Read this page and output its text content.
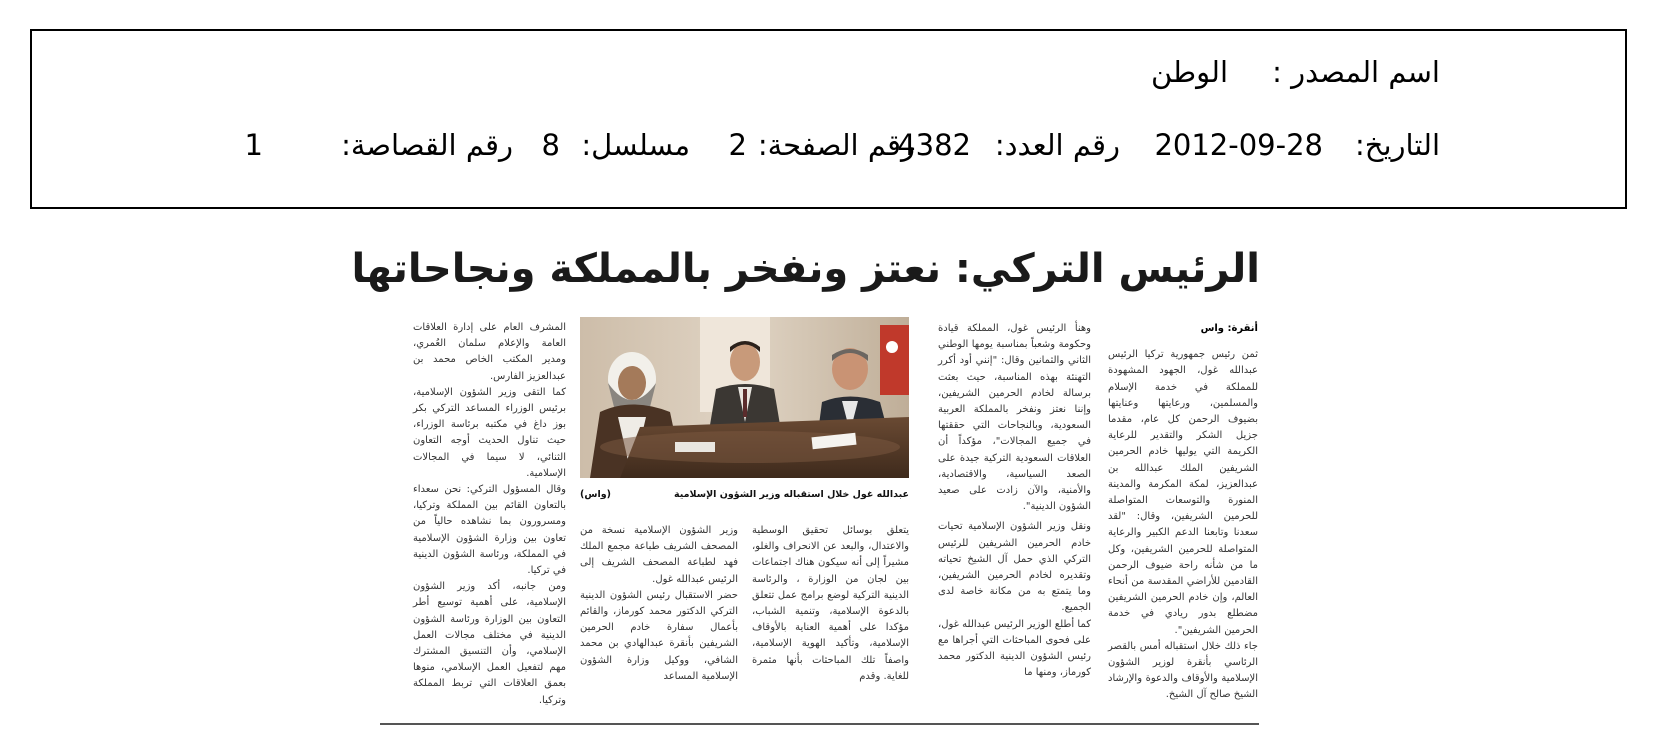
اسم المصدر :
الوطن
التاريخ:
2012-09-28
رقم العدد:
4382
رقم الصفحة:
2
مسلسل:
8
رقم القصاصة:
1
الرئيس التركي: نعتز ونفخر بالمملكة ونجاحاتها

أنقرة: واس

ثمن رئيس جمهورية تركيا الرئيس عبدالله غول، الجهود المشهودة للمملكة في خدمة الإسلام والمسلمين، ورعايتها وعنايتها بضيوف الرحمن كل عام، مقدما جزيل الشكر والتقدير للرعاية الكريمة التي يوليها خادم الحرمين الشريفين الملك عبدالله بن عبدالعزيز، لمكة المكرمة والمدينة المنورة والتوسعات المتواصلة للحرمين الشريفين، وقال: "لقد سعدنا وتابعنا الدعم الكبير والرعاية المتواصلة للحرمين الشريفين، وكل ما من شأنه راحة ضيوف الرحمن القادمين للأراضي المقدسة من أنحاء العالم، وإن خادم الحرمين الشريفين مضطلع بدور ريادي في خدمة الحرمين الشريفين".

جاء ذلك خلال استقباله أمس بالقصر الرئاسي بأنقرة لوزير الشؤون الإسلامية والأوقاف والدعوة والإرشاد الشيخ صالح آل الشيخ.

وهنأ الرئيس غول، المملكة قيادة وحكومة وشعباً بمناسبة يومها الوطني الثاني والثمانين وقال: "إنني أود أكرر التهنئة بهذه المناسبة، حيث بعثت برسالة لخادم الحرمين الشريفين، وإننا نعتز ونفخر بالمملكة العربية السعودية، وبالنجاحات التي حققتها في جميع المجالات"، مؤكداً أن العلاقات السعودية التركية جيدة على الصعد السياسية، والاقتصادية، والأمنية، والآن زادت على صعيد الشؤون الدينية".

ونقل وزير الشؤون الإسلامية تحيات خادم الحرمين الشريفين للرئيس التركي الذي حمل آل الشيخ تحياته وتقديره لخادم الحرمين الشريفين، وما يتمتع به من مكانة خاصة لدى الجميع.

كما أطلع الوزير الرئيس عبدالله غول، على فحوى المباحثات التي أجراها مع رئيس الشؤون الدينية الدكتور محمد كورماز، ومنها ما

(واس)	عبدالله غول خلال استقباله وزير الشؤون الإسلامية

يتعلق بوسائل تحقيق الوسطية والاعتدال، والبعد عن الانحراف والغلو، مشيراً إلى أنه سيكون هناك اجتماعات بين لجان من الوزارة ، والرئاسة الدينية التركية لوضع برامج عمل تتعلق بالدعوة الإسلامية، وتنمية الشباب، مؤكدا على أهمية العناية بالأوقاف الإسلامية، وتأكيد الهوية الإسلامية، واصفاً تلك المباحثات بأنها مثمرة للغاية. وقدم

وزير الشؤون الإسلامية نسخة من المصحف الشريف طباعة مجمع الملك فهد لطباعة المصحف الشريف إلى الرئيس عبدالله غول.

حضر الاستقبال رئيس الشؤون الدينية التركي الدكتور محمد كورماز، والقائم بأعمال سفارة خادم الحرمين الشريفين بأنقرة عبدالهادي بن محمد الشافي، ووكيل وزارة الشؤون الإسلامية المساعد

المشرف العام على إدارة العلاقات العامة والإعلام سلمان العُمري، ومدير المكتب الخاص محمد بن عبدالعزيز الفارس.

كما التقى وزير الشؤون الإسلامية، برئيس الوزراء المساعد التركي بكر بوز داغ في مكتبه برئاسة الوزراء، حيث تناول الحديث أوجه التعاون الثنائي، لا سيما في المجالات الإسلامية.

وقال المسؤول التركي: نحن سعداء بالتعاون القائم بين المملكة وتركيا، ومسرورون بما نشاهده حالياً من تعاون بين وزارة الشؤون الإسلامية في المملكة، ورئاسة الشؤون الدينية في تركيا.

ومن جانبه، أكد وزير الشؤون الإسلامية، على أهمية توسيع أطر التعاون بين الوزارة ورئاسة الشؤون الدينية في مختلف مجالات العمل الإسلامي، وأن التنسيق المشترك مهم لتفعيل العمل الإسلامي، منوها بعمق العلاقات التي تربط المملكة وتركيا.
